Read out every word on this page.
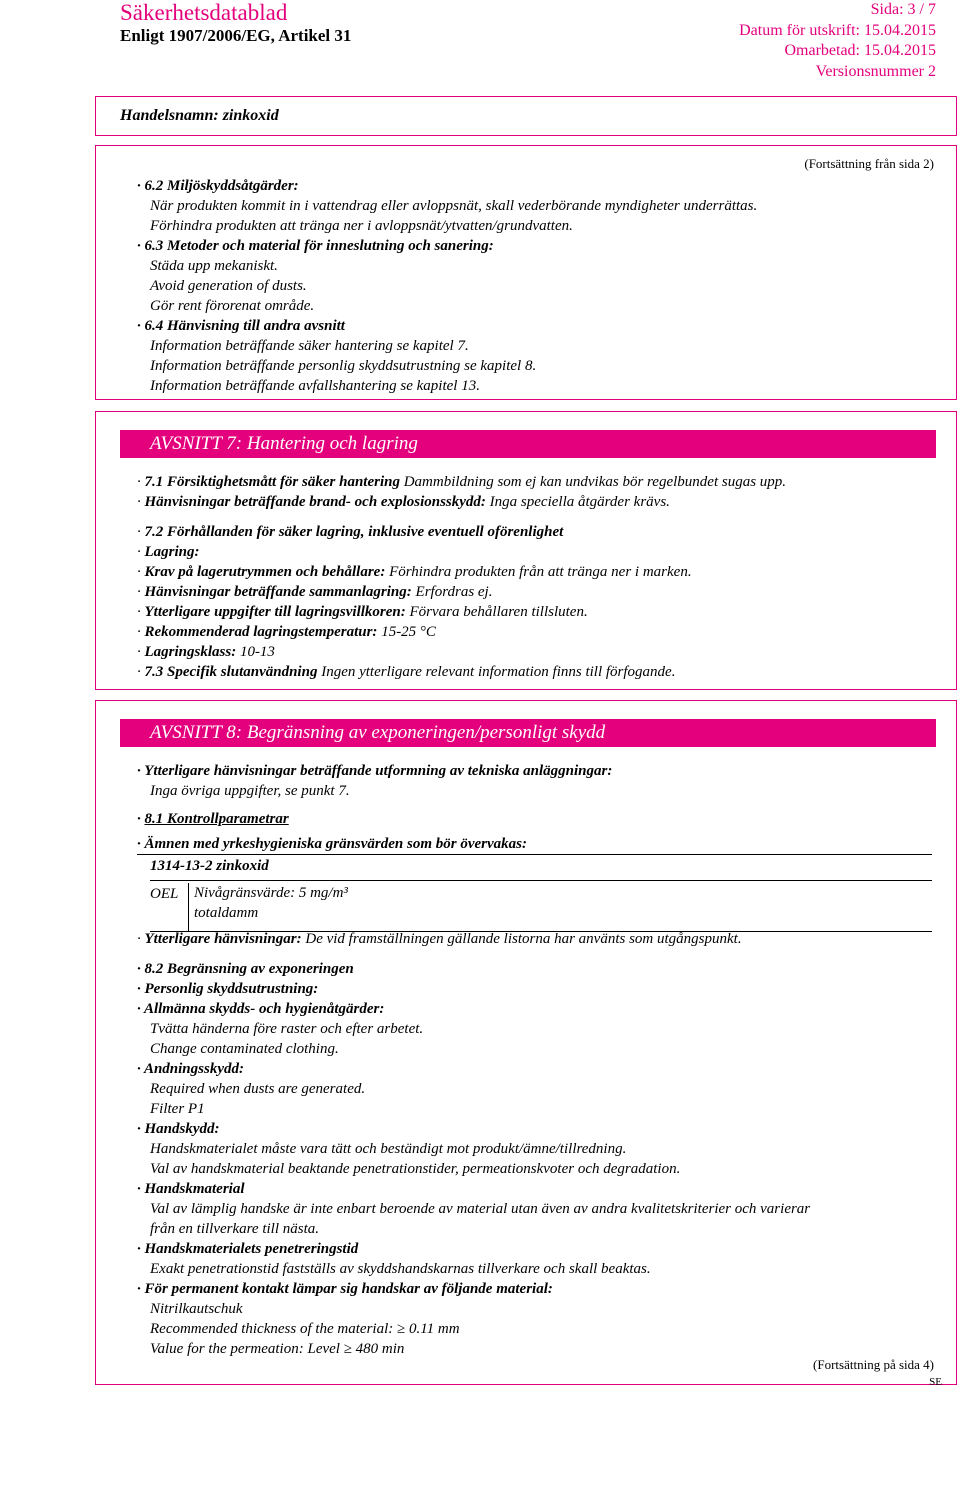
Säkerhetsdatablad
Enligt 1907/2006/EG, Artikel 31
Sida: 3 / 7
Datum för utskrift: 15.04.2015
Omarbetad: 15.04.2015
Versionsnummer 2
Handelsnamn: zinkoxid
(Fortsättning från sida 2)
· 6.2 Miljöskyddsåtgärder:
När produkten kommit in i vattendrag eller avloppsnät, skall vederbörande myndigheter underrättas.
Förhindra produkten att tränga ner i avloppsnät/ytvatten/grundvatten.
· 6.3 Metoder och material för inneslutning och sanering:
Städa upp mekaniskt.
Avoid generation of dusts.
Gör rent förorenat område.
· 6.4 Hänvisning till andra avsnitt
Information beträffande säker hantering se kapitel 7.
Information beträffande personlig skyddsutrustning se kapitel 8.
Information beträffande avfallshantering se kapitel 13.
AVSNITT 7: Hantering och lagring
· 7.1 Försiktighetsmått för säker hantering Dammbildning som ej kan undvikas bör regelbundet sugas upp.
· Hänvisningar beträffande brand- och explosionsskydd: Inga speciella åtgärder krävs.
· 7.2 Förhållanden för säker lagring, inklusive eventuell oförenlighet
· Lagring:
· Krav på lagerutrymmen och behållare: Förhindra produkten från att tränga ner i marken.
· Hänvisningar beträffande sammanlagring: Erfordras ej.
· Ytterligare uppgifter till lagringsvillkoren: Förvara behållaren tillsluten.
· Rekommenderad lagringstemperatur: 15-25 °C
· Lagringsklass: 10-13
· 7.3 Specifik slutanvändning Ingen ytterligare relevant information finns till förfogande.
AVSNITT 8: Begränsning av exponeringen/personligt skydd
· Ytterligare hänvisningar beträffande utformning av tekniska anläggningar:
Inga övriga uppgifter, se punkt 7.
· 8.1 Kontrollparametrar
· Ämnen med yrkeshygieniska gränsvärden som bör övervakas:
1314-13-2 zinkoxid
OEL	Nivågränsvärde: 5 mg/m³
totaldamm
· Ytterligare hänvisningar: De vid framställningen gällande listorna har använts som utgångspunkt.
· 8.2 Begränsning av exponeringen
· Personlig skyddsutrustning:
· Allmänna skydds- och hygienåtgärder:
Tvätta händerna före raster och efter arbetet.
Change contaminated clothing.
· Andningsskydd:
Required when dusts are generated.
Filter P1
· Handskydd:
Handskmaterialet måste vara tätt och beständigt mot produkt/ämne/tillredning.
Val av handskmaterial beaktande penetrationstider, permeationskvoter och degradation.
· Handskmaterial
Val av lämplig handske är inte enbart beroende av material utan även av andra kvalitetskriterier och varierar
från en tillverkare till nästa.
· Handskmaterialets penetreringstid
Exakt penetrationstid fastställs av skyddshandskarnas tillverkare och skall beaktas.
· För permanent kontakt lämpar sig handskar av följande material:
Nitrilkautschuk
Recommended thickness of the material: ≥ 0.11 mm
Value for the permeation: Level ≥ 480 min
(Fortsättning på sida 4)
SE
